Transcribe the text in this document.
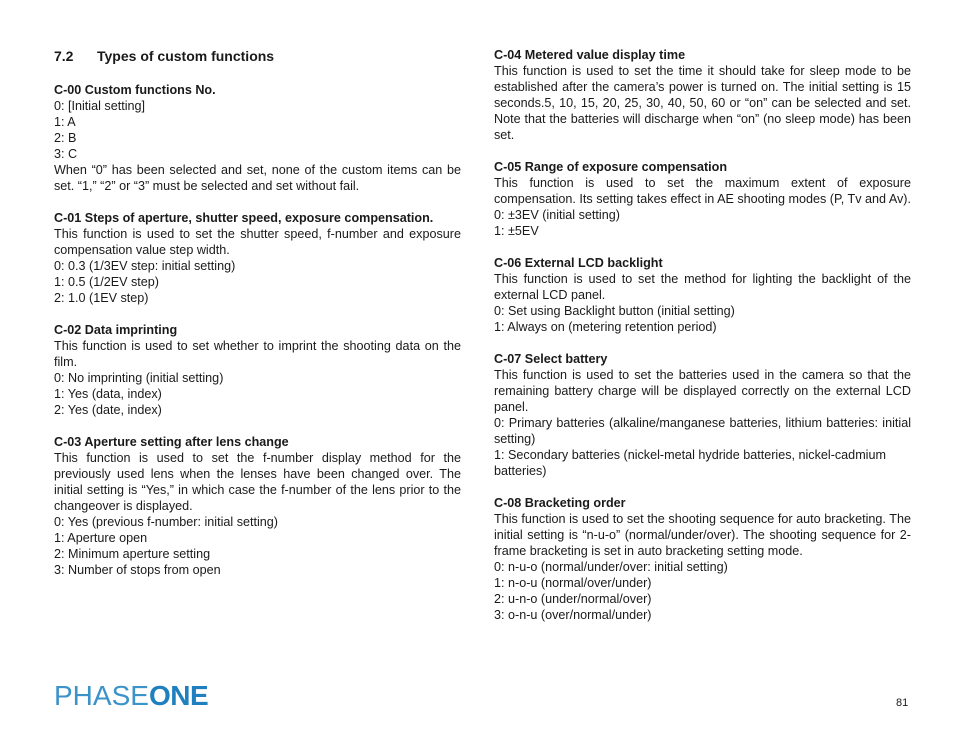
7.2 Types of custom functions
C-00 Custom functions No.
0: [Initial setting]
1: A
2: B
3: C

When “0” has been selected and set, none of the custom items can be set. “1,” “2” or “3” must be selected and set without fail.

C-01 Steps of aperture, shutter speed, exposure compensation.

This function is used to set the shutter speed, f-number and exposure compensation value step width.

0: 0.3 (1/3EV step: initial setting)
1: 0.5 (1/2EV step)
2: 1.0 (1EV step)
C-02 Data imprinting

This function is used to set whether to imprint the shooting data on the film.

0: No imprinting (initial setting)
1: Yes (data, index)
2: Yes (date, index)
C-03 Aperture setting after lens change

This function is used to set the f-number display method for the previously used lens when the lenses have been changed over. The initial setting is “Yes,” in which case the f-number of the lens prior to the changeover is displayed.

0: Yes (previous f-number: initial setting)
1: Aperture open
2: Minimum aperture setting
3: Number of stops from open
C-04 Metered value display time

This function is used to set the time it should take for sleep mode to be established after the camera’s power is turned on. The initial setting is 15 seconds.5, 10, 15, 20, 25, 30, 40, 50, 60 or “on” can be selected and set. Note that the batteries will discharge when “on” (no sleep mode) has been set.

C-05 Range of exposure compensation

This function is used to set the maximum extent of exposure compensation. Its setting takes effect in AE shooting modes (P, Tv and Av).

0: ±3EV (initial setting)
1: ±5EV
C-06 External LCD backlight

This function is used to set the method for lighting the backlight of the external LCD panel.

0: Set using Backlight button (initial setting)
1: Always on (metering retention period)
C-07 Select battery

This function is used to set the batteries used in the camera so that the remaining battery charge will be displayed correctly on the external LCD panel.

0: Primary batteries (alkaline/manganese batteries, lithium batteries: initial setting)

1: Secondary batteries (nickel-metal hydride batteries, nickel-cadmium batteries)
C-08 Bracketing order

This function is used to set the shooting sequence for auto bracketing. The initial setting is “n-u-o” (normal/under/over). The shooting sequence for 2-frame bracketing is set in auto bracketing setting mode.

0: n-u-o (normal/under/over: initial setting)
1: n-o-u (normal/over/under)
2: u-n-o (under/normal/over)
3: o-n-u (over/normal/under)
PHASE ONE	81
